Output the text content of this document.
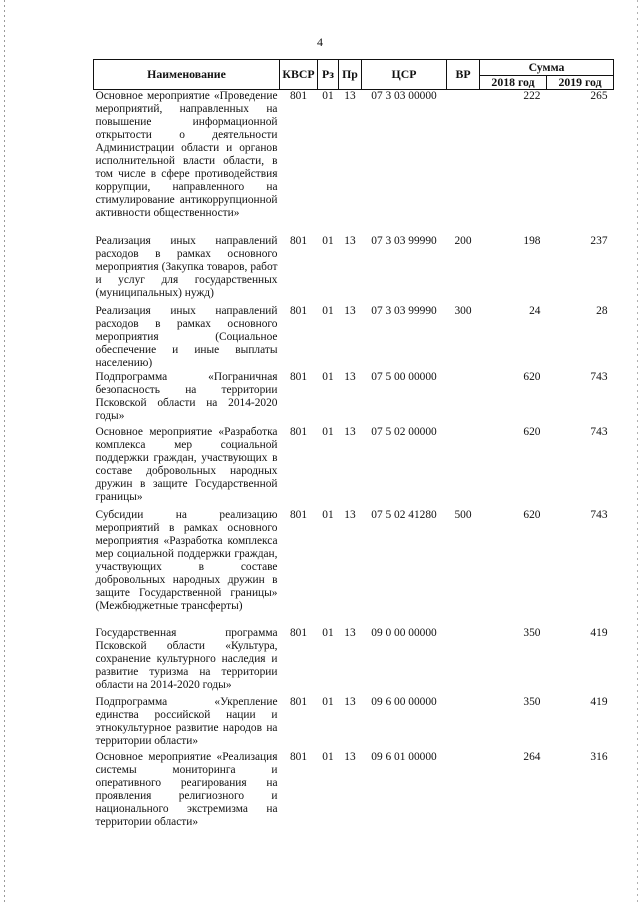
4
Наименование	КВСР	Рз	Пр	ЦСР	ВР	Сумма	
						2018 год	2019 год
Основное мероприятие «Проведение мероприятий, направленных на повышение информационной открытости о деятельности Администрации области и органов исполнительной власти области, в том числе в сфере противодействия коррупции, направленного на стимулирование антикоррупционной активности общественности»	801	01	13	07 3 03 00000		222	265
Реализация иных направлений расходов в рамках основного мероприятия (Закупка товаров, работ и услуг для государственных (муниципальных) нужд)	801	01	13	07 3 03 99990	200	198	237
Реализация иных направлений расходов в рамках основного мероприятия (Социальное обеспечение и иные выплаты населению)	801	01	13	07 3 03 99990	300	24	28
Подпрограмма «Пограничная безопасность на территории Псковской области на 2014-2020 годы»	801	01	13	07 5 00 00000		620	743
Основное мероприятие «Разработка комплекса мер социальной поддержки граждан, участвующих в составе добровольных народных дружин в защите Государственной границы»	801	01	13	07 5 02 00000		620	743
Субсидии на реализацию мероприятий в рамках основного мероприятия «Разработка комплекса мер социальной поддержки граждан, участвующих в составе добровольных народных дружин в защите Государственной границы» (Межбюджетные трансферты)	801	01	13	07 5 02 41280	500	620	743
Государственная программа Псковской области «Культура, сохранение культурного наследия и развитие туризма на территории области на 2014-2020 годы»	801	01	13	09 0 00 00000		350	419
Подпрограмма «Укрепление единства российской нации и этнокультурное развитие народов на территории области»	801	01	13	09 6 00 00000		350	419
Основное мероприятие «Реализация системы мониторинга и оперативного реагирования на проявления религиозного и национального экстремизма на территории области»	801	01	13	09 6 01 00000		264	316
